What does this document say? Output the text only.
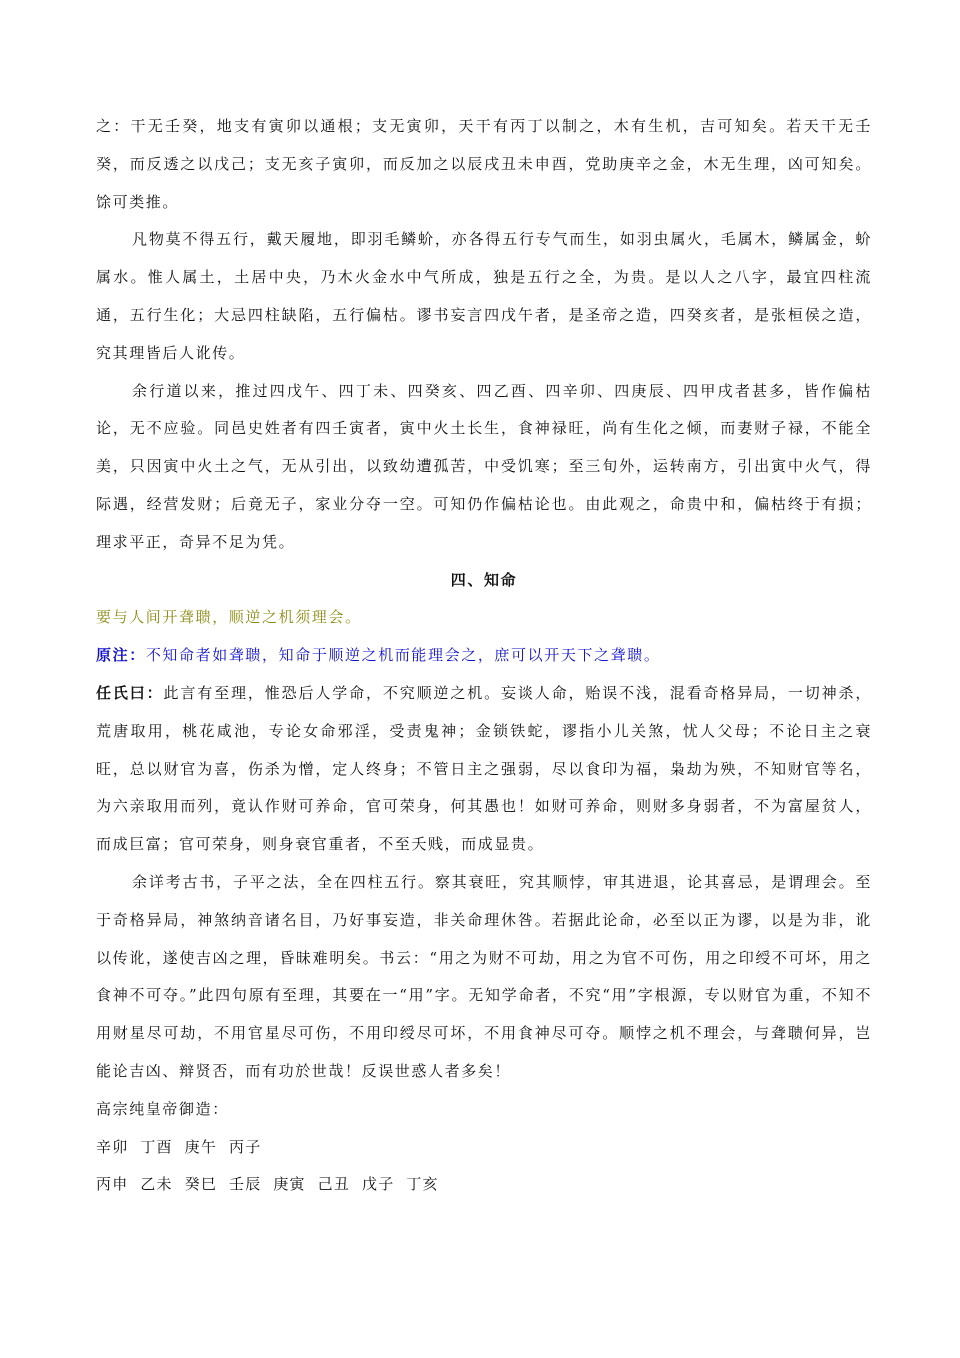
之：干无壬癸，地支有寅卯以通根；支无寅卯，天干有丙丁以制之，木有生机，吉可知矣。若天干无壬癸，而反透之以戊己；支无亥子寅卯，而反加之以辰戌丑未申酉，党助庚辛之金，木无生理，凶可知矣。馀可类推。

凡物莫不得五行，戴天履地，即羽毛鳞蚧，亦各得五行专气而生，如羽虫属火，毛属木，鳞属金，蚧属水。惟人属土，土居中央，乃木火金水中气所成，独是五行之全，为贵。是以人之八字，最宜四柱流通，五行生化；大忌四柱缺陷，五行偏枯。谬书妄言四戊午者，是圣帝之造，四癸亥者，是张桓侯之造，究其理皆后人讹传。

余行道以来，推过四戊午、四丁未、四癸亥、四乙酉、四辛卯、四庚辰、四甲戌者甚多，皆作偏枯论，无不应验。同邑史姓者有四壬寅者，寅中火土长生，食神禄旺，尚有生化之倾，而妻财子禄，不能全美，只因寅中火土之气，无从引出，以致幼遭孤苦，中受饥寒；至三旬外，运转南方，引出寅中火气，得际遇，经营发财；后竟无子，家业分夺一空。可知仍作偏枯论也。由此观之，命贵中和，偏枯终于有损；理求平正，奇异不足为凭。

四、知命

要与人间开聋聩，顺逆之机须理会。

原注：不知命者如聋聩，知命于顺逆之机而能理会之，庶可以开天下之聋聩。

任氏曰：此言有至理，惟恐后人学命，不究顺逆之机。妄谈人命，贻误不浅，混看奇格异局，一切神杀，荒唐取用，桃花咸池，专论女命邪淫，受责鬼神；金锁铁蛇，谬指小儿关煞，忧人父母；不论日主之衰旺，总以财官为喜，伤杀为憎，定人终身；不管日主之强弱，尽以食印为福，枭劫为殃，不知财官等名，为六亲取用而列，竟认作财可养命，官可荣身，何其愚也！如财可养命，则财多身弱者，不为富屋贫人，而成巨富；官可荣身，则身衰官重者，不至夭贱，而成显贵。

余详考古书，子平之法，全在四柱五行。察其衰旺，究其顺悖，审其进退，论其喜忌，是谓理会。至于奇格异局，神煞纳音诸名目，乃好事妄造，非关命理休咎。若据此论命，必至以正为谬，以是为非，讹以传讹，遂使吉凶之理，昏昧难明矣。书云：“用之为财不可劫，用之为官不可伤，用之印绶不可坏，用之食神不可夺。”此四句原有至理，其要在一“用”字。无知学命者，不究“用”字根源，专以财官为重，不知不用财星尽可劫，不用官星尽可伤，不用印绶尽可坏，不用食神尽可夺。顺悖之机不理会，与聋聩何异，岂能论吉凶、辩贤否，而有功於世哉！反误世惑人者多矣！

高宗纯皇帝御造：

辛卯  丁酉  庚午  丙子

丙申  乙未  癸巳  壬辰  庚寅  己丑  戊子  丁亥
